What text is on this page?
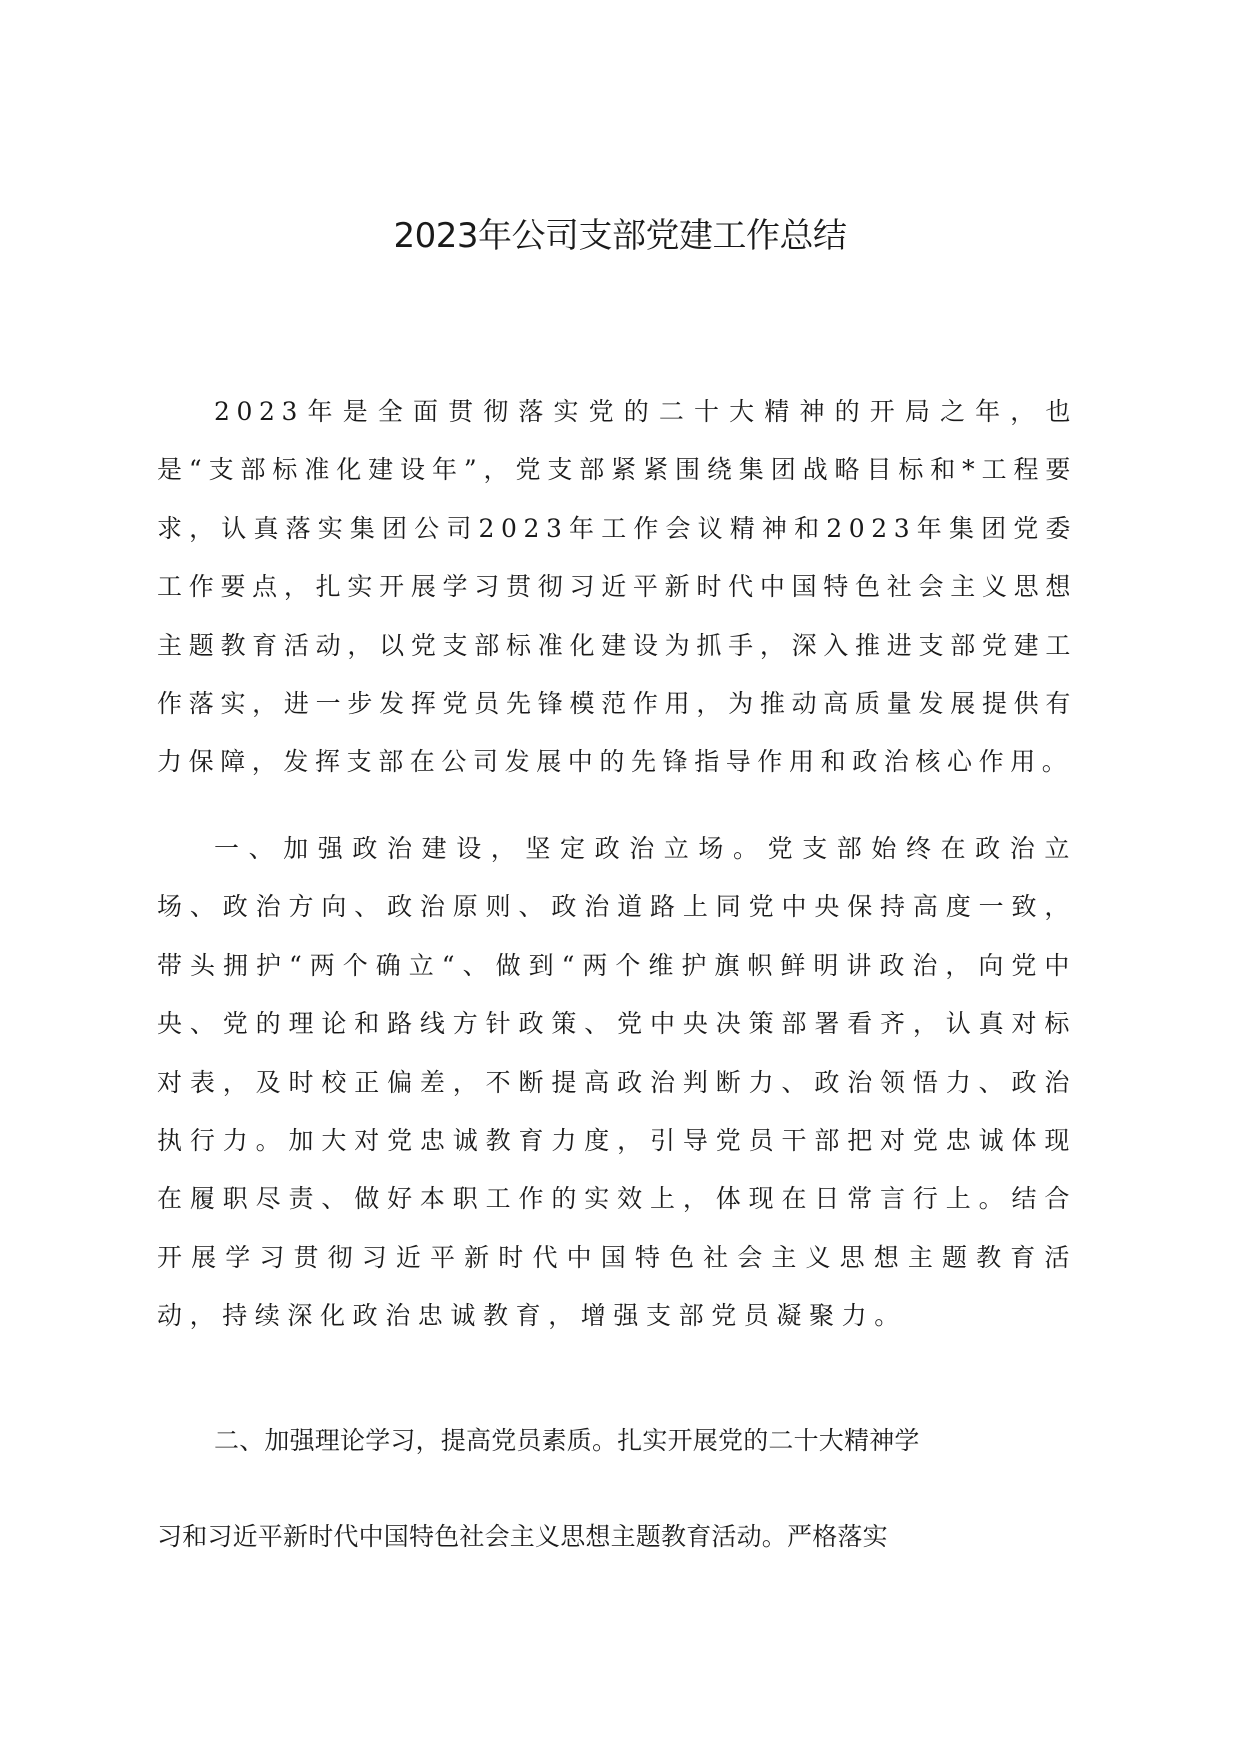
2023年公司支部党建工作总结

2023年是全面贯彻落实党的二十大精神的开局之年，也是“支部标准化建设年”，党支部紧紧围绕集团战略目标和*工程要求，认真落实集团公司2023年工作会议精神和2023年集团党委工作要点，扎实开展学习贯彻习近平新时代中国特色社会主义思想主题教育活动，以党支部标准化建设为抓手，深入推进支部党建工作落实，进一步发挥党员先锋模范作用，为推动高质量发展提供有力保障，发挥支部在公司发展中的先锋指导作用和政治核心作用。

一、加强政治建设，坚定政治立场。党支部始终在政治立场、政治方向、政治原则、政治道路上同党中央保持高度一致，带头拥护“两个确立“、做到“两个维护旗帜鲜明讲政治，向党中央、党的理论和路线方针政策、党中央决策部署看齐，认真对标对表，及时校正偏差，不断提高政治判断力、政治领悟力、政治执行力。加大对党忠诚教育力度，引导党员干部把对党忠诚体现在履职尽责、做好本职工作的实效上，体现在日常言行上。结合开展学习贯彻习近平新时代中国特色社会主义思想主题教育活动，持续深化政治忠诚教育，增强支部党员凝聚力。

二、加强理论学习，提高党员素质。扎实开展党的二十大精神学

习和习近平新时代中国特色社会主义思想主题教育活动。严格落实
